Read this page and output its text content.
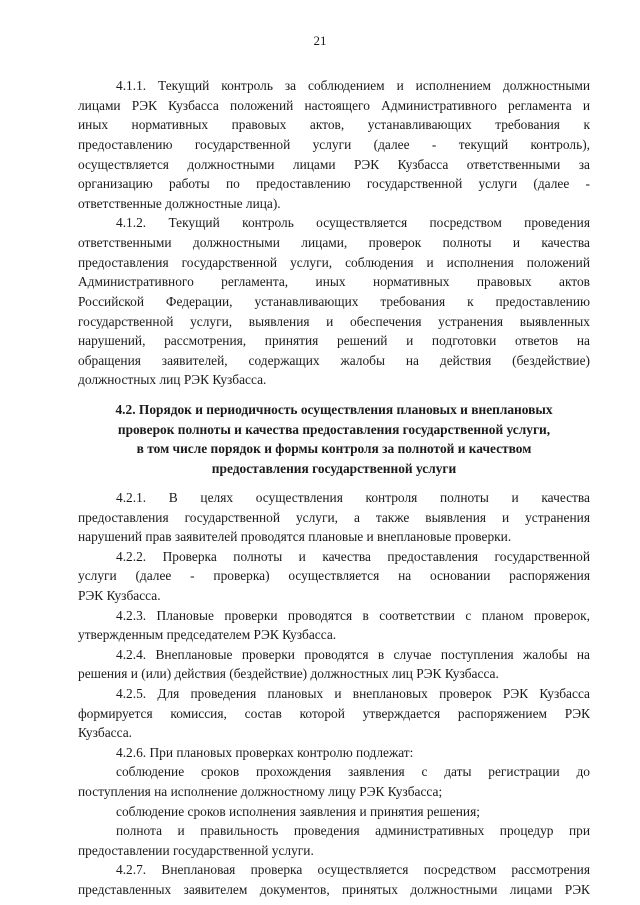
21
4.1.1. Текущий контроль за соблюдением и исполнением должностными
лицами РЭК Кузбасса положений настоящего Административного регламента и
иных нормативных правовых актов, устанавливающих требования к
предоставлению государственной услуги (далее - текущий контроль),
осуществляется должностными лицами РЭК Кузбасса ответственными за
организацию работы по предоставлению государственной услуги (далее -
ответственные должностные лица).
4.1.2. Текущий контроль осуществляется посредством проведения
ответственными должностными лицами, проверок полноты и качества
предоставления государственной услуги, соблюдения и исполнения положений
Административного регламента, иных нормативных правовых актов
Российской Федерации, устанавливающих требования к предоставлению
государственной услуги, выявления и обеспечения устранения выявленных
нарушений, рассмотрения, принятия решений и подготовки ответов на
обращения заявителей, содержащих жалобы на действия (бездействие)
должностных лиц РЭК Кузбасса.
4.2. Порядок и периодичность осуществления плановых и внеплановых
проверок полноты и качества предоставления государственной услуги,
в том числе порядок и формы контроля за полнотой и качеством
предоставления государственной услуги
4.2.1. В целях осуществления контроля полноты и качества
предоставления государственной услуги, а также выявления и устранения
нарушений прав заявителей проводятся плановые и внеплановые проверки.
4.2.2. Проверка полноты и качества предоставления государственной
услуги (далее - проверка) осуществляется на основании распоряжения
РЭК Кузбасса.
4.2.3. Плановые проверки проводятся в соответствии с планом проверок,
утвержденным председателем РЭК Кузбасса.
4.2.4. Внеплановые проверки проводятся в случае поступления жалобы на
решения и (или) действия (бездействие) должностных лиц РЭК Кузбасса.
4.2.5. Для проведения плановых и внеплановых проверок РЭК Кузбасса
формируется комиссия, состав которой утверждается распоряжением РЭК
Кузбасса.
4.2.6. При плановых проверках контролю подлежат:
соблюдение сроков прохождения заявления с даты регистрации до
поступления на исполнение должностному лицу РЭК Кузбасса;
соблюдение сроков исполнения заявления и принятия решения;
полнота и правильность проведения административных процедур при
предоставлении государственной услуги.
4.2.7. Внеплановая проверка осуществляется посредством рассмотрения
представленных заявителем документов, принятых должностными лицами РЭК
